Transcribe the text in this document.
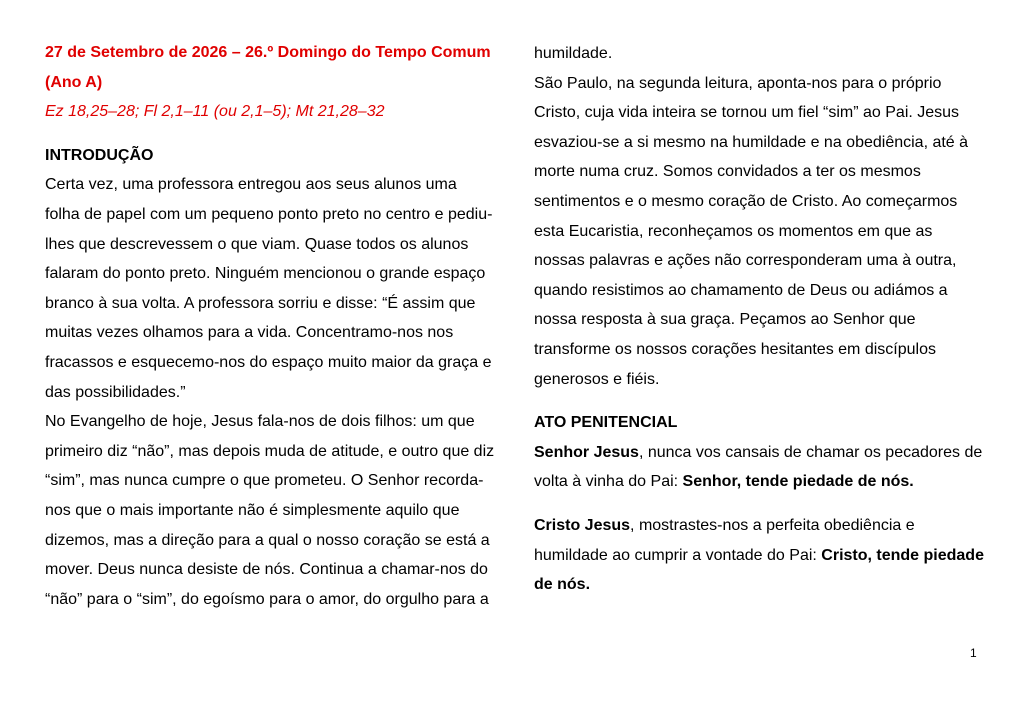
27 de Setembro de 2026 – 26.º Domingo do Tempo Comum (Ano A)

Ez 18,25–28; Fl 2,1–11 (ou 2,1–5); Mt 21,28–32

INTRODUÇÃO

Certa vez, uma professora entregou aos seus alunos uma folha de papel com um pequeno ponto preto no centro e pediu-lhes que descrevessem o que viam. Quase todos os alunos falaram do ponto preto. Ninguém mencionou o grande espaço branco à sua volta. A professora sorriu e disse: “É assim que muitas vezes olhamos para a vida. Concentramo-nos nos fracassos e esquecemo-nos do espaço muito maior da graça e das possibilidades.”

No Evangelho de hoje, Jesus fala-nos de dois filhos: um que primeiro diz “não”, mas depois muda de atitude, e outro que diz “sim”, mas nunca cumpre o que prometeu. O Senhor recorda-nos que o mais importante não é simplesmente aquilo que dizemos, mas a direção para a qual o nosso coração se está a mover. Deus nunca desiste de nós. Continua a chamar-nos do “não” para o “sim”, do egoísmo para o amor, do orgulho para a

humildade.

São Paulo, na segunda leitura, aponta-nos para o próprio Cristo, cuja vida inteira se tornou um fiel “sim” ao Pai. Jesus esvaziou-se a si mesmo na humildade e na obediência, até à morte numa cruz. Somos convidados a ter os mesmos sentimentos e o mesmo coração de Cristo. Ao começarmos esta Eucaristia, reconheçamos os momentos em que as nossas palavras e ações não corresponderam uma à outra, quando resistimos ao chamamento de Deus ou adiámos a nossa resposta à sua graça. Peçamos ao Senhor que transforme os nossos corações hesitantes em discípulos generosos e fiéis.

ATO PENITENCIAL

Senhor Jesus, nunca vos cansais de chamar os pecadores de volta à vinha do Pai: Senhor, tende piedade de nós.

Cristo Jesus, mostrastes-nos a perfeita obediência e humildade ao cumprir a vontade do Pai: Cristo, tende piedade de nós.

1
